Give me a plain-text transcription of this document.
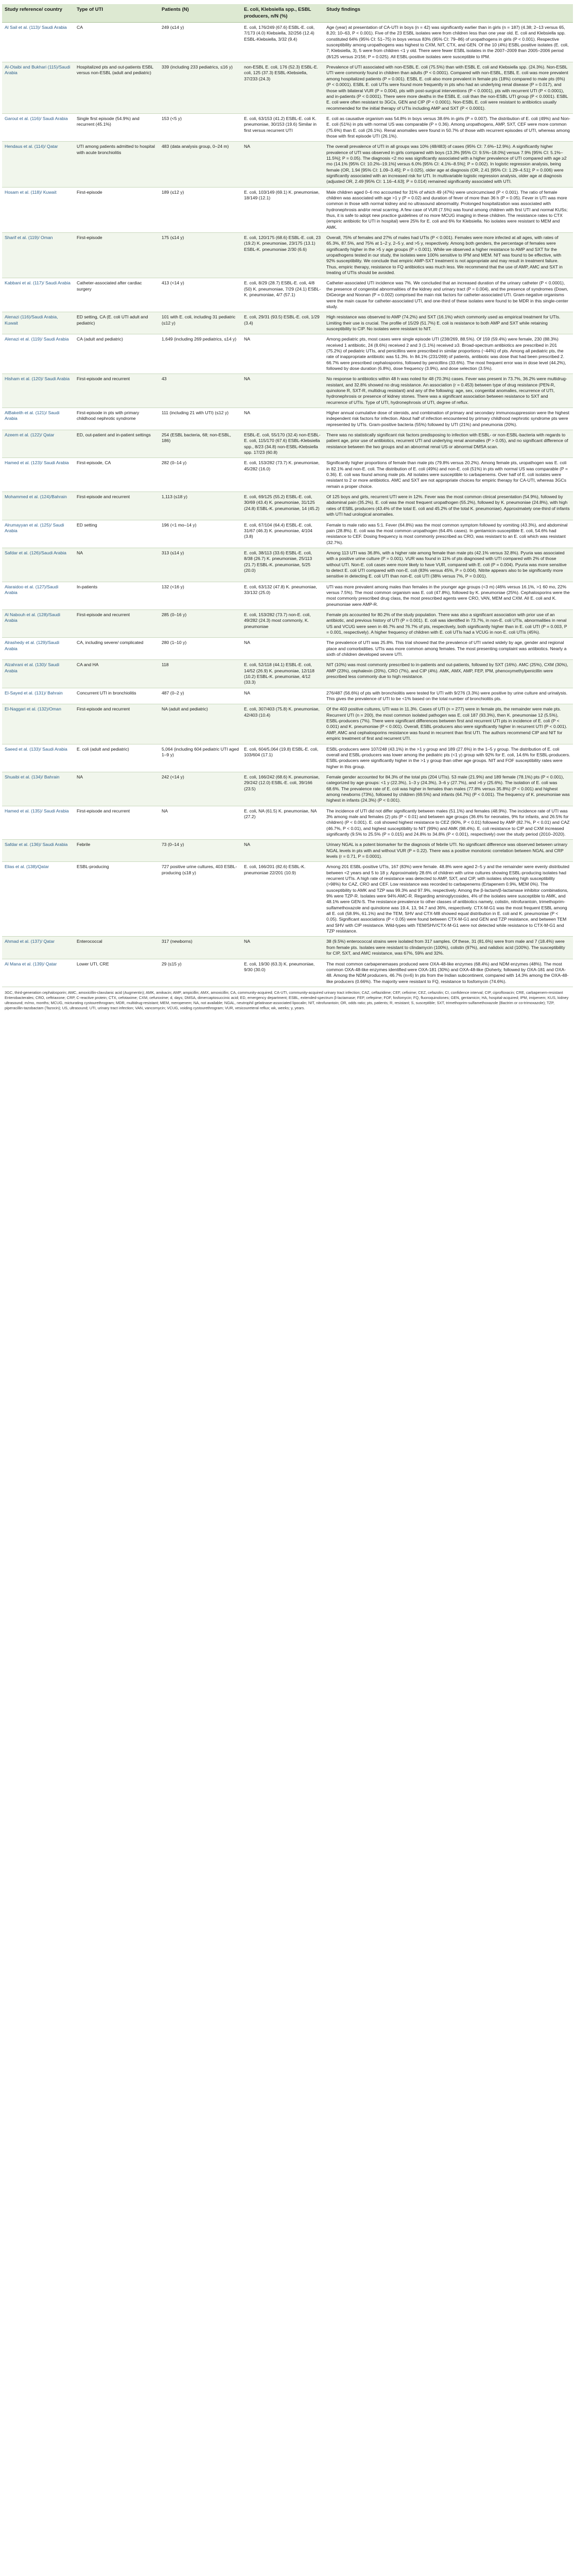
Study reference/ country	Type of UTI	Patients (N)	E. coli, Klebsiella spp., ESBL producers, n/N (%)	Study findings
Al Sail et al. (113)/ Saudi Arabia	CA	249 (≤14 y)	E. coli, 176/249 (67.6) ESBL-E. coli, 7/173 (4.0) Klebsiella, 32/256 (12.4) ESBL-Klebsiella, 3/32 (9.4)	Age (year) at presentation of CA-UTI in boys (n = 42) was significantly earlier than in girls (n = 187) (4.38; 2–13 versus 65, 8.20; 10–63, P < 0.001). Five of the 23 ESBL isolates were from children less than one year old. E. coli and Klebsiella spp. constituted 64% (95% CI: 51–75) in boys versus 83% (95% CI: 79–86) of uropathogens in girls (P < 0.001). Respective susceptibility among uropathogens was highest to CXM, NIT, CTX, and GEN. Of the 10 (4%) ESBL-positive isolates (E. coli, 7; Klebsiella, 3), 5 were from children <1 y old. There were fewer ESBL isolates in the 2007–2009 than 2005–2006 period (8/125 versus 2/156; P = 0.025). All ESBL-positive isolates were susceptible to IPM.
Al-Otaibi and Bukhari (115)/Saudi Arabia	Hospitalized pts and out-patients ESBL versus non-ESBL (adult and pediatric)	339 (including 233 pediatrics, ≤16 y)	non-ESBL E. coli, 176 (52.3) ESBL-E. coli, 125 (37.3) ESBL-Klebsiella, 37/233 (24.3)	Prevalence of UTI associated with non-ESBL E. coli (75.5%) than with ESBL E. coli and Klebsiella spp. (24.3%). Non-ESBL UTI were commonly found in children than adults (P < 0.0001). Compared with non-ESBL, ESBL E. coli was more prevalent among hospitalized patients (P = 0.001). ESBL E. coli also more prevalent in female pts (18%) compared to male pts (6%) (P < 0.0001). ESBL E. coli UTIs were found more frequently in pts who had an underlying renal disease (P = 0.017), and those with bilateral VUR (P = 0.004), pts with post-surgical interventions (P < 0.0001), pts with recurrent UTI (P < 0.0001), and in-patients (P < 0.0001). There were more deaths in the ESBL E. coli than the non-ESBL UTI group (P < 0.0001). ESBL E. coli were often resistant to 3GCs, GEN and CIP (P < 0.0001). Non-ESBL E. coli were resistant to antibiotics usually recommended for the initial therapy of UTIs including AMP and SXT (P < 0.0001).
Garout et al. (116)/ Saudi Arabia	Single first episode (54.9%) and recurrent (45.1%)	153 (<5 y)	E. coli, 63/153 (41.2) ESBL-E. coli K. pneumoniae, 30/153 (19.6) Similar in first versus recurrent UTI	E. coli as causative organism was 54.8% in boys versus 38.6% in girls (P = 0.007). The distribution of E. coli (49%) and Non-E. coli (51%) in pts with normal US was comparable (P = 0.36). Among uropathogens, AMP, SXT, CEF were more common (75.6%) than E. coli (26.1%). Renal anomalies were found in 50.7% of those with recurrent episodes of UTI, whereas among those with first episode UTI (26.1%).
Hendaus et al. (114)/ Qatar	UTI among patients admitted to hospital with acute bronchiolitis	483 (data analysis group, 0–24 m)	NA	The overall prevalence of UTI in all groups was 10% (48/483) of cases (95% CI: 7.6%–12.9%). A significantly higher prevalence of UTI was observed in girls compared with boys (13.3% [95% CI: 9.5%–18.0%] versus 7.9% [95% CI: 5.1%–11.5%]; P = 0.05). The diagnosis <2 mo was significantly associated with a higher prevalence of UTI compared with age ≥2 mo (14.1% [95% CI: 10.2%–19.1%] versus 6.0% [95% CI: 4.1%–8.5%]; P = 0.002). In logistic regression analysis, being female (OR, 1.94 [95% CI: 1.09–3.45]; P = 0.025), older age at diagnosis (OR, 2.41 [95% CI: 1.29–4.51]; P = 0.006) were significantly associated with an increased risk for UTI. In multivariable logistic regression analysis, older age at diagnosis (adjusted OR, 2.49 [95% CI: 1.16–4.63]; P = 0.014) remained significantly associated with UTI.
Hosam et al. (118)/ Kuwait	First-episode	189 (≤12 y)	E. coli, 103/149 (69.1) K. pneumoniae, 18/149 (12.1)	Male children aged 0–6 mo accounted for 31% of which 49 (47%) were uncircumcised (P < 0.001). The ratio of female children was associated with age >1 y (P = 0.02) and duration of fever of more than 36 h (P = 0.05). Fever in UTI was more common in those with normal kidney and no ultrasound abnormality. Prolonged hospitalization was associated with hydronephrosis and/or renal scarring. A few case of VUR (7.5%) was found among children with first UTI and normal KUSs; thus, it is safe to adopt new practice guidelines of no more MCUG imaging in these children. The resistance rates to CTX (empiric antibiotic for UTI in hospital) were 25% for E. coli and 6% for Klebsiella. No isolates were resistant to MEM and AMK.
Sharif et al. (119)/ Oman	First-episode	175 (≤14 y)	E. coli, 120/175 (68.6) ESBL-E. coli, 23 (19.2) K. pneumoniae, 23/175 (13.1) ESBL-K. pneumoniae 2/30 (6.6)	Overall, 75% of females and 27% of males had UTIs (P < 0.001). Females were more infected at all ages, with rates of 65.3%, 87.5%, and 75% at 1–2 y, 2–5 y, and >5 y, respectively. Among both genders, the percentage of females were significantly higher in the >5 y age groups (P = 0.001). While we observed a higher resistance to AMP and SXT for the uropathogens tested in our study, the isolates were 100% sensitive to IPM and MEM. NIT was found to be effective, with 92% susceptibility. We conclude that empiric AMP-SXT treatment is not appropriate and may result in treatment failure. Thus, empiric therapy, resistance to FQ antibiotics was much less. We recommend that the use of AMP, AMC and SXT in treating of UTIs should be avoided.
Kabbani et al. (117)/ Saudi Arabia	Catheter-associated after cardiac surgery	413 (<14 y)	E. coli, 8/29 (28.7) ESBL-E. coli, 4/8 (50) K. pneumoniae, 7/29 (24.1) ESBL-K. pneumoniae, 4/7 (57.1)	Catheter-associated UTI incidence was 7%. We concluded that an increased duration of the urinary catheter (P < 0.0001), the presence of congenital abnormalities of the kidney and urinary tract (P = 0.004), and the presence of syndromes (Down, DiGeorge and Noonan (P = 0.002) comprised the main risk factors for catheter-associated UTI. Gram-negative organisms were the main cause for catheter-associated UTI, and one-third of these isolates were found to be MDR in this single-center study.
Alenazi (116)/Saudi Arabia, Kuwait	ED setting, CA (E. coli UTI adult and pediatric)	101 with E. coli, including 31 pediatric (≤12 y)	E. coli, 29/31 (93.5) ESBL-E. coli, 1/29 (3.4)	High resistance was observed to AMP (74.2%) and SXT (16.1%) which commonly used as empirical treatment for UTIs. Limiting their use is crucial. The profile of 15/29 (51.7%) E. coli is resistance to both AMP and SXT while retaining susceptibility to CIP. No isolates were resistant to NIT.
Alenazi et al. (119)/ Saudi Arabia	CA (adult and pediatric)	1,649 (including 269 pediatrics, ≤14 y)	NA	Among pediatric pts, most cases were single episode UTI (238/269, 88.5%). Of 159 (59.4%) were female, 230 (88.3%) received 1 antibiotic, 24 (8.6%) received 2 and 3 (1.1%) received ≥3. Broad-spectrum antibiotics are prescribed in 201 (75.2%) of pediatric UTIs, and penicillins were prescribed in similar proportions (~44%) of pts. Among all pediatric pts, the rate of inappropriate antibiotic was 51.3%. In 84.1% (231/269) of patients, antibiotic was dose that had been prescribed 2. 66.7% were prescribed cephalosporins, followed by penicillins (33.6%). The most frequent error was in dose level (44.2%), followed by dose duration (6.8%), dose frequency (3.9%), and dose selection (3.5%).
Hisham et al. (120)/ Saudi Arabia	First-episode and recurrent	43	NA	No response to antibiotics within 48 h was noted for 48 (70.3%) cases. Fever was present in 73.7%, 36.2% were multidrug-resistant, and 32.8% showed no drug resistance. An association (r = 0.453) between type of drug resistance (PEN-R, quinolone R, SXT-R, multidrug resistant) and any of the following: age, sex, congenital anomalies, recurrence of UTI, hydronephrosis or presence of kidney stones. There was a significant association between resistance to SXT and recurrence of UTIs. Type of UTI, hydronephrosis of UTI, degree of reflux.
AlBakeith et al. (121)/ Saudi Arabia	First-episode in pts with primary childhood nephrotic syndrome	111 (including 21 with UTI) (≤12 y)	NA	Higher annual cumulative dose of steroids, and combination of primary and secondary immunosuppression were the highest independent risk factors for infection. About half of infection encountered by primary childhood nephrotic syndrome pts were represented by UTIs. Gram-positive bacteria (55%) followed by UTI (21%) and pneumonia (20%).
Azeem et al. (122)/ Qatar	ED, out-patient and in-patient settings	254 (ESBL bacteria, 68; non-ESBL, 186)	ESBL-E. coli, 55/170 (32.4) non-ESBL-E. coli, 115/170 (67.6) ESBL-Klebsiella spp., 8/23 (34.8) non-ESBL-Klebsiella spp. 17/23 (60.8)	There was no statistically significant risk factors predisposing to infection with ESBL- or non-ESBL-bacteria with regards to patient age, prior use of antibiotics, recurrent UTI and underlying renal anomalies (P > 0.05), and no significant difference of resistance between the two groups and an abnormal renal US or abnormal DMSA scan.
Hamed et al. (123)/ Saudi Arabia	First-episode, CA	282 (0–14 y)	E. coli, 153/282 (73.7) K. pneumoniae, 45/282 (16.0)	Significantly higher proportions of female than male pts (79.8% versus 20.2%). Among female pts, uropathogen was E. coli in 82.1% and non-E. coli. The distribution of E. coli (49%) and non-E. coli (51%) in pts with normal US was comparable (P = 0.36). E. coli was found among male pts. All isolates were susceptible to carbapenems. Over half of E. coli isolates were resistant to 2 or more antibiotics. AMC and SXT are not appropriate choices for empiric therapy for CA-UTI, whereas 3GCs remain a proper choice.
Mohammed et al. (124)/Bahrain	First-episode and recurrent	1,113 (≤18 y)	E. coli, 69/125 (55.2) ESBL-E. coli, 30/69 (43.4) K. pneumoniae, 31/125 (24.8) ESBL-K. pneumoniae, 14 (45.2)	Of 125 boys and girls, recurrent UTI were in 12%. Fever was the most common clinical presentation (54.9%), followed by abdominal pain (35.2%). E. coli was the most frequent uropathogen (55.2%), followed by K. pneumoniae (24.8%), with high rates of ESBL producers (43.4% of the total E. coli and 45.2% of the total K. pneumoniae). Approximately one-third of infants with UTI had urological anomalies.
Alrumayyan et al. (125)/ Saudi Arabia	ED setting	196 (<1 mo–14 y)	E. coli, 67/104 (64.4) ESBL-E. coli, 31/67 (46.3) K. pneumoniae, 4/104 (3.8)	Female to male ratio was 5:1. Fever (64.8%) was the most common symptom followed by vomiting (43.3%), and abdominal pain (28.8%). E. coli was the most common uropathogen (64.4% cases). In gentamicin-susceptible E. coli, 54.6% had resistance to CEF. Dosing frequency is most commonly prescribed as CRO, was resistant to an E. coli which was resistant (32.7%).
Safdar et al. (126)/Saudi Arabia	NA	313 (≤14 y)	E. coli, 38/113 (33.6) ESBL-E. coli, 8/38 (26.7) K. pneumoniae, 25/113 (21.7) ESBL-K. pneumoniae, 5/25 (20.0)	Among 113 UTI was 36.8%, with a higher rate among female than male pts (42.1% versus 32.8%). Pyuria was associated with a positive urine culture (P = 0.001). VUR was found in 11% of pts diagnosed with UTI compared with 2% of those without UTI. Non-E. coli cases were more likely to have VUR, compared with E. coli (P = 0.004). Pyuria was more sensitive to detect E. coli UTI compared with non-E. coli (83% versus 45%, P = 0.004). Nitrite appears also to be significantly more sensitive in detecting E. coli UTI than non-E. coli UTI (38% versus 7%, P = 0.001).
Alaraidoo et al. (127)/Saudi Arabia	In-patients	132 (<16 y)	E. coli, 63/132 (47.8) K. pneumoniae, 33/132 (25.0)	UTI was more prevalent among males than females in the younger age groups (<3 m) (46% versus 16.1%, >1 60 mo, 22% versus 7.5%). The most common organism was E. coli (47.8%), followed by K. pneumoniae (25%). Cephalosporins were the most commonly prescribed drug class, the most prescribed agents were CRO, VAN, MEM and CXM. All E. coli and K. pneumoniae were AMP-R.
Al Nabouh et al. (128)/Saudi Arabia	First-episode and recurrent	285 (0–16 y)	E. coli, 153/282 (73.7) non-E. coli, 49/282 (24.3) most commonly, K. pneumoniae	Female pts accounted for 80.2% of the study population. There was also a significant association with prior use of an antibiotic, and previous history of UTI (P = 0.001). E. coli was identified in 73.7%, in non-E. coli UTIs, abnormalities in renal US and VCUG were seen in 46.7% and 76.7% of pts, respectively, both significantly higher than in E. coli UTI (P = 0.003, P = 0.001, respectively). A higher frequency of children with E. coli UTIs had a VCUG in non-E. coli UTIs (45%).
Alrashedy et al. (129)/Saudi Arabia	CA, including severe/ complicated	280 (1–10 y)	NA	The prevalence of UTI was 25.8%. This trial showed that the prevalence of UTI varied widely by age, gender and regional place and comorbidities. UTIs was more common among females. The most presenting complaint was antibiotics. Nearly a sixth of children developed severe UTI.
Alzahrani et al. (130)/ Saudi Arabia	CA and HA	118	E. coli, 52/118 (44.1) ESBL-E. coli, 14/52 (26.9) K. pneumoniae, 12/118 (10.2) ESBL-K. pneumoniae, 4/12 (33.3)	NIT (10%) was most commonly prescribed to in-patients and out-patients, followed by SXT (16%). AMC (25%), CXM (30%), AMP (23%), cephalexin (20%), CRO (7%), and CIP (4%). AMK, AMX, AMP, FEP, IPM, phenoxymethylpenicillin were prescribed less commonly due to high resistance.
El-Sayed et al. (131)/ Bahrain	Concurrent UTI in bronchiolitis	487 (0–2 y)	NA	276/487 (56.6%) of pts with bronchiolitis were tested for UTI with 9/276 (3.3%) were positive by urine culture and urinalysis. This gives the prevalence of UTI to be <1% based on the total number of bronchiolitis pts.
El-Naggari et al. (132)/Oman	First-episode and recurrent	NA (adult and pediatric)	E. coli, 307/403 (75.8) K. pneumoniae, 42/403 (10.4)	Of the 403 positive cultures, UTI was in 11.3%. Cases of UTI (n = 277) were in female pts, the remainder were male pts. Recurrent UTI (n = 200), the most common isolated pathogen was E. coli 187 (93.3%), then K. pneumoniae 12 (5.5%), ESBL-producers (7%). There were significant differences between first and recurrent UTI pts in incidence of E. coli (P < 0.001) and K. pneumoniae (P < 0.001). Overall, ESBL-producers also were significantly higher in recurrent UTI (P < 0.001). AMP, AMC and cephalosporins resistance was found in recurrent than first UTI. The authors recommend CIP and NIT for empiric treatment of first and recurrent UTI.
Saeed et al. (133)/ Saudi Arabia	E. coli (adult and pediatric)	5,064 (including 604 pediatric UTI aged 1–9 y)	E. coli, 604/5,064 (19.8) ESBL-E. coli, 103/604 (17.1)	ESBL-producers were 107/248 (43.1%) in the >1 y group and 189 (27.6%) in the 1–5 y group. The distribution of E. coli overall and ESBL-producers was lower among the pediatric pts (<1 y) group with 92% for E. coli, 14.6% for ESBL-producers. ESBL-producers were significantly higher in the >1 y group than other age groups. NIT and FOF susceptibility rates were higher in this group.
Shuaibi et al. (134)/ Bahrain	NA	242 (<14 y)	E. coli, 166/242 (68.6) K. pneumoniae, 29/242 (12.0) ESBL-E. coli, 39/166 (23.5)	Female gender accounted for 84.3% of the total pts (204 UTIs). 53 male (21.9%) and 189 female (78.1%) pts (P < 0.001), categorized by age groups: <1 y (22.3%), 1–3 y (24.3%), 3–6 y (27.7%), and >6 y (25.6%). The isolation of E. coli was 68.6%. The prevalence rate of E. coli was higher in females than males (77.8% versus 35.8%) (P < 0.001) and highest among newborns (73%), followed by children (69.5%) and infants (64.7%) (P < 0.001). The frequency of K. pneumoniae was highest in infants (24.3%) (P < 0.001).
Hamed et al. (135)/ Saudi Arabia	First-episode and recurrent	NA	E. coli, NA (61.5) K. pneumoniae, NA (27.2)	The incidence of UTI did not differ significantly between males (51.1%) and females (48.9%). The incidence rate of UTI was 3% among male and females (2) pts (P < 0.01) and between age groups (36.6% for neonates, 9% for infants, and 26.5% for children) (P < 0.001). E. coli showed highest resistance to CEZ (90%, P < 0.01) followed by AMP (82.7%, P < 0.01) and CAZ (46.7%, P < 0.01), and highest susceptibility to NIT (99%) and AMK (98.4%). E. coli resistance to CIP and CXM increased significantly (9.5% to 25.5% (P = 0.015) and 24.8% to 34.8% (P < 0.001), respectively) over the study period (2010–2020).
Safdar et al. (136)/ Saudi Arabia	Febrile	73 (0–14 y)	NA	Urinary NGAL is a potent biomarker for the diagnosis of febrile UTI. No significant difference was observed between urinary NGAL levels in pts with and without VUR (P = 0.22). There was a positive monotonic correlation between NGAL and CRP levels (r = 0.71, P = 0.0001).
Elias et al. (138)/Qatar	ESBL-producing	727 positive urine cultures, 403 ESBL-producing (≤18 y)	E. coli, 166/201 (82.6) ESBL-K. pneumoniae 22/201 (10.9)	Among 201 ESBL-positive UTIs, 167 (83%) were female. 48.8% were aged 2–5 y and the remainder were evenly distributed between <2 years and 5 to 18 y. Approximately 28.6% of children with urine cultures showing ESBL-producing isolates had recurrent UTIs. A high rate of resistance was detected to AMP, SXT, and CIP, with isolates showing high susceptibility (>98%) for CAZ, CRO and CEF. Low resistance was recorded to carbapenems (Ertapenem 0.9%, MEM 0%). The susceptibility to AMK and TZP was 99.3% and 97.9%, respectively. Among the β-lactam/β-lactamase inhibitor combinations, 9% were TZP-R. Isolates were 94% AMC-R. Regarding aminoglycosides, 4% of the isolates were susceptible to AMK, and 48.1% were GEN-S. The resistance prevalence to other classes of antibiotics namely, colistin, nitrofurantoin, trimethoprim-sulfamethoxazole and quinolone was 19.4, 13, 94.7 and 36%, respectively. CTX-M-G1 was the most frequent ESBL among all E. coli (58.9%, 61.1%) and the TEM, SHV and CTX-M8 showed equal distribution in E. coli and K. pneumoniae (P < 0.05). Significant associations (P < 0.05) were found between CTX-M-G1 and GEN and TZP resistance, and between TEM and SHV with CIP resistance. Wild-types with TEM/SHV/CTX-M-G1 were not detected while resistance to CTX-M-G1 and TZP resistance.
Ahmad et al. (137)/ Qatar	Enterococcal	317 (newborns)	NA	38 (9.5%) enterococcal strains were isolated from 317 samples. Of these, 31 (81.6%) were from male and 7 (18.4%) were from female pts. Isolates were resistant to clindamycin (100%), colistin (97%), and nalidixic acid (100%). The susceptibility for CIP, SXT, and AMC resistance, was 67%, 59% and 32%.
Al Mana et al. (139)/ Qatar	Lower UTI, CRE	29 (≤15 y)	E. coli, 19/30 (63.3) K. pneumoniae, 9/30 (30.0)	The most common carbapenemases produced were OXA-48-like enzymes (68.4%) and NDM enzymes (48%). The most common OXA-48-like enzymes identified were OXA-181 (30%) and OXA-48-like (Doherty, followed by OXA-181 and OXA-48. Among the NDM producers, 46.7% (n=6) In pts from the Indian subcontinent, compared with 14.3% among the OXA-48-like producers (0.66%). The majority were resistant to FQ, resistance to fosfomycin (74.6%).
3GC, third-generation cephalosporin; AMC, amoxicillin-clavulanic acid (Augmentin); AMK, amikacin; AMP, ampicillin; AMX, amoxicillin; CA, community-acquired; CA-UTI, community-acquired urinary tract infection; CAZ, ceftazidime; CEF, cefixime; CEZ, cefazolin; CI, confidence interval; CIP, ciprofloxacin; CRE, carbapenem-resistant Enterobacterales; CRO, ceftriaxone; CRP, C-reactive protein; CTX, cefotaxime; CXM, cefuroxime; d, days; DMSA, dimercaptosuccinic acid; ED, emergency department; ESBL, extended-spectrum β-lactamase; FEP, cefepime; FOF, fosfomycin; FQ, fluoroquinolones; GEN, gentamicin; HA, hospital-acquired; IPM, imipenem; KUS, kidney ultrasound; m/mo, months; MCUG, micturating cystourethrogram; MDR, multidrug-resistant; MEM, meropenem; NA, not available; NGAL, neutrophil gelatinase-associated lipocalin; NIT, nitrofurantoin; OR, odds ratio; pts, patients; R, resistant; S, susceptible; SXT, trimethoprim-sulfamethoxazole (Bactrim or co-trimoxazole); TZP, piperacillin-tazobactam (Tazocin); US, ultrasound; UTI, urinary tract infection; VAN, vancomycin; VCUG, voiding cystourethrogram; VUR, vesicoureteral reflux; wk, weeks; y, years.
